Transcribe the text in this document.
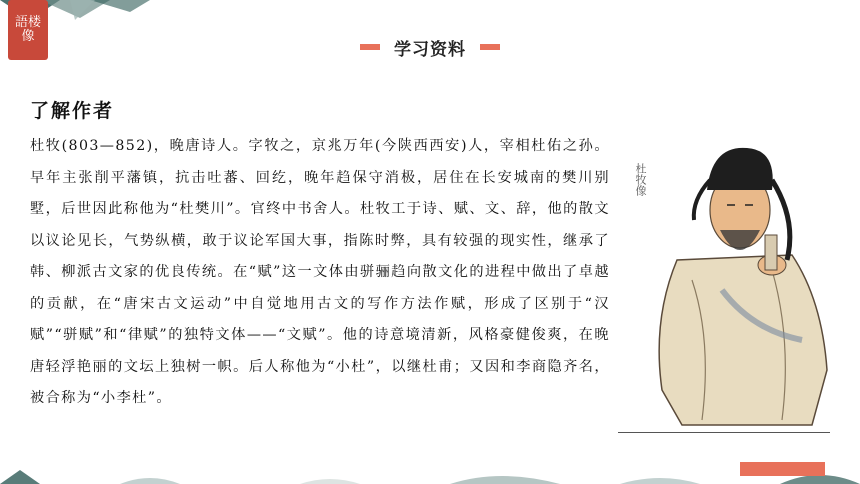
語楼像
学习资料
了解作者

杜牧(803—852)，晚唐诗人。字牧之，京兆万年(今陕西西安)人，宰相杜佑之孙。早年主张削平藩镇，抗击吐蕃、回纥，晚年趋保守消极，居住在长安城南的樊川别墅，后世因此称他为“杜樊川”。官终中书舍人。杜牧工于诗、赋、文、辞，他的散文以议论见长，气势纵横，敢于议论军国大事，指陈时弊，具有较强的现实性，继承了韩、柳派古文家的优良传统。在“赋”这一文体由骈骊趋向散文化的进程中做出了卓越的贡献，在“唐宋古文运动”中自觉地用古文的写作方法作赋，形成了区别于“汉赋”“骈赋”和“律赋”的独特文体——“文赋”。他的诗意境清新，风格豪健俊爽，在晚唐轻浮艳丽的文坛上独树一帜。后人称他为“小杜”，以继杜甫；又因和李商隐齐名，被合称为“小李杜”。

杜牧像
